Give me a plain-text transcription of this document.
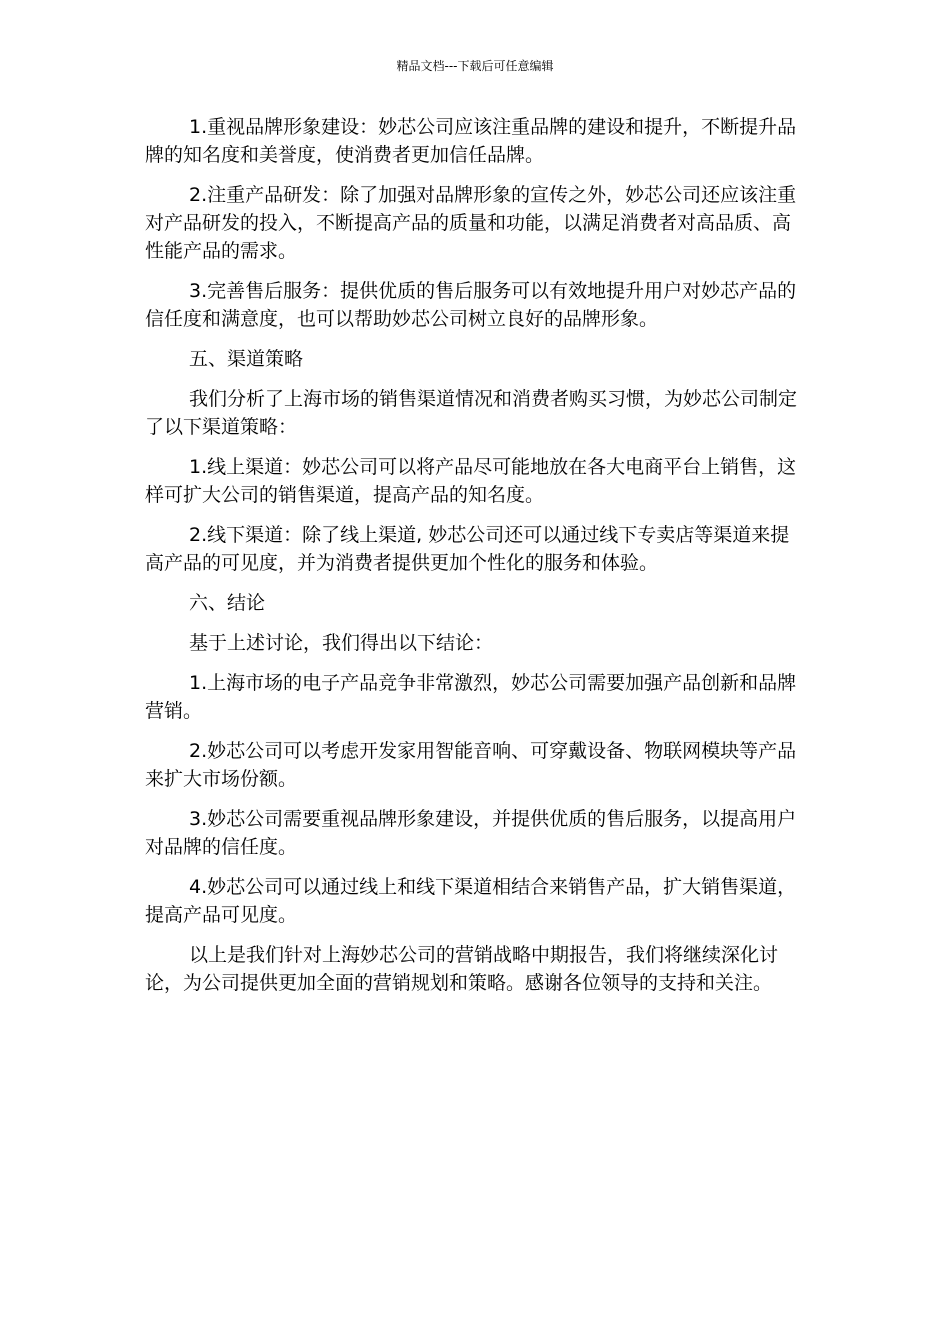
精品文档---下载后可任意编辑

1.重视品牌形象建设：妙芯公司应该注重品牌的建设和提升，不断提升品牌的知名度和美誉度，使消费者更加信任品牌。

2.注重产品研发：除了加强对品牌形象的宣传之外，妙芯公司还应该注重对产品研发的投入，不断提高产品的质量和功能，以满足消费者对高品质、高性能产品的需求。

3.完善售后服务：提供优质的售后服务可以有效地提升用户对妙芯产品的信任度和满意度，也可以帮助妙芯公司树立良好的品牌形象。

五、渠道策略

我们分析了上海市场的销售渠道情况和消费者购买习惯，为妙芯公司制定了以下渠道策略：

1.线上渠道：妙芯公司可以将产品尽可能地放在各大电商平台上销售，这样可扩大公司的销售渠道，提高产品的知名度。

2.线下渠道：除了线上渠道, 妙芯公司还可以通过线下专卖店等渠道来提高产品的可见度，并为消费者提供更加个性化的服务和体验。

六、结论

基于上述讨论，我们得出以下结论：

1.上海市场的电子产品竞争非常激烈，妙芯公司需要加强产品创新和品牌营销。

2.妙芯公司可以考虑开发家用智能音响、可穿戴设备、物联网模块等产品来扩大市场份额。

3.妙芯公司需要重视品牌形象建设，并提供优质的售后服务，以提高用户对品牌的信任度。

4.妙芯公司可以通过线上和线下渠道相结合来销售产品，扩大销售渠道，提高产品可见度。

以上是我们针对上海妙芯公司的营销战略中期报告，我们将继续深化讨论，为公司提供更加全面的营销规划和策略。感谢各位领导的支持和关注。
